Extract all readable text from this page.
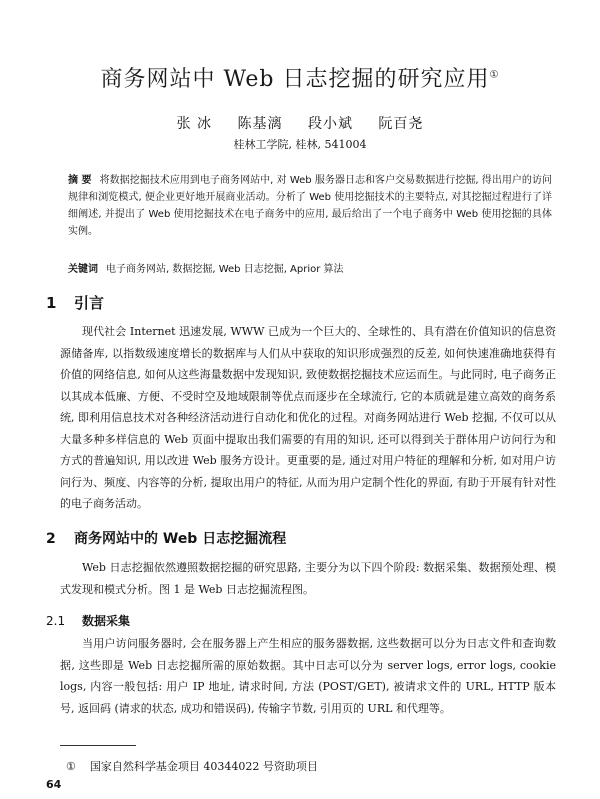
商务网站中 Web 日志挖掘的研究应用①
张 冰 陈基漓 段小斌 阮百尧
桂林工学院, 桂林, 541004
摘 要 将数据挖掘技术应用到电子商务网站中, 对 Web 服务器日志和客户交易数据进行挖掘, 得出用户的访问规律和浏览模式, 便企业更好地开展商业活动。分析了 Web 使用挖掘技术的主要特点, 对其挖掘过程进行了详细阐述, 并提出了 Web 使用挖掘技术在电子商务中的应用, 最后给出了一个电子商务中 Web 使用挖掘的具体实例。
关键词 电子商务网站, 数据挖掘, Web 日志挖掘, Aprior 算法
1 引言
现代社会 Internet 迅速发展, WWW 已成为一个巨大的、全球性的、具有潜在价值知识的信息资源储备库, 以指数级速度增长的数据库与人们从中获取的知识形成强烈的反差, 如何快速准确地获得有价值的网络信息, 如何从这些海量数据中发现知识, 致使数据挖掘技术应运而生。与此同时, 电子商务正以其成本低廉、方便、不受时空及地域限制等优点而逐步在全球流行, 它的本质就是建立高效的商务系统, 即利用信息技术对各种经济活动进行自动化和优化的过程。对商务网站进行 Web 挖掘, 不仅可以从大量多种多样信息的 Web 页面中提取出我们需要的有用的知识, 还可以得到关于群体用户访问行为和方式的普遍知识, 用以改进 Web 服务方设计。更重要的是, 通过对用户特征的理解和分析, 如对用户访问行为、频度、内容等的分析, 提取出用户的特征, 从而为用户定制个性化的界面, 有助于开展有针对性的电子商务活动。
2 商务网站中的 Web 日志挖掘流程
Web 日志挖掘依然遵照数据挖掘的研究思路, 主要分为以下四个阶段: 数据采集、数据预处理、模式发现和模式分析。图 1 是 Web 日志挖掘流程图。
2.1 数据采集
当用户访问服务器时, 会在服务器上产生相应的服务器数据, 这些数据可以分为日志文件和查询数据, 这些即是 Web 日志挖掘所需的原始数据。其中日志可以分为 server logs, error logs, cookie logs, 内容一般包括: 用户 IP 地址, 请求时间, 方法 (POST/GET), 被请求文件的 URL, HTTP 版本号, 返回码 (请求的状态, 成功和错误码), 传输字节数, 引用页的 URL 和代理等。
① 国家自然科学基金项目 40344022 号资助项目
64
